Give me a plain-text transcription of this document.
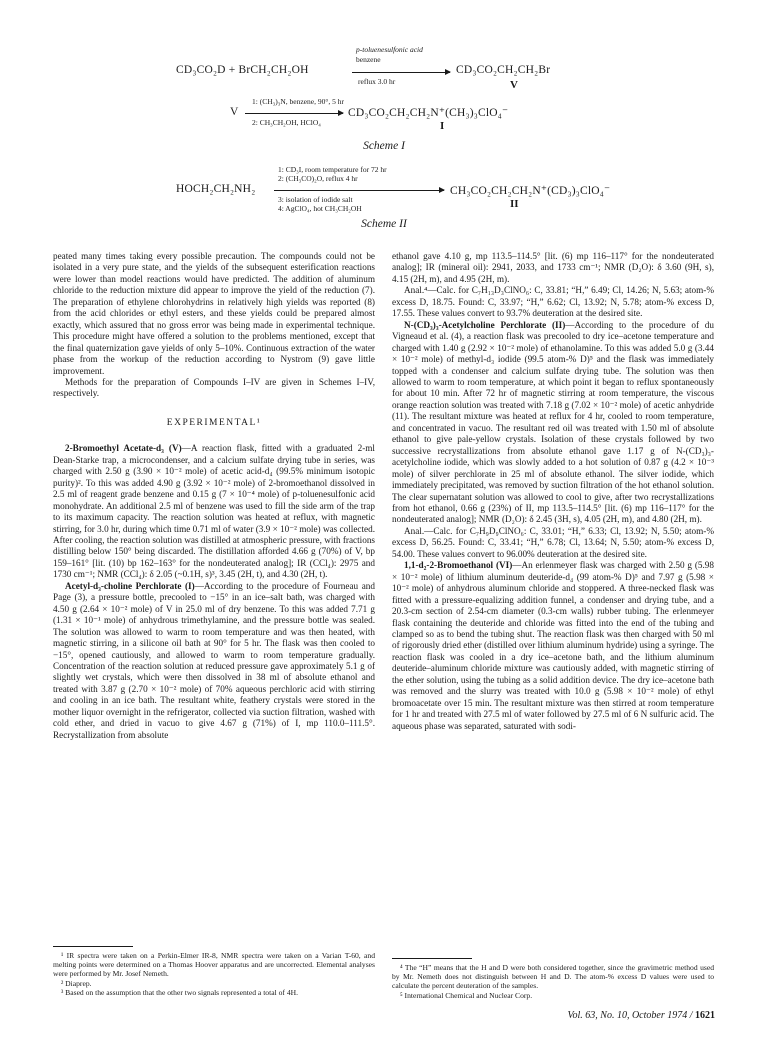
CD₃CO₂D + BrCH₂CH₂OH
p-toluenesulfonic acid
benzene
reflux 3.0 hr
CD₃CO₂CH₂CH₂Br
V
V
1: (CH₃)₃N, benzene, 90°, 5 hr
2: CH₃CH₂OH, HClO₄
CD₃CO₂CH₂CH₂N⁺(CH₃)₃ClO₄⁻
I
Scheme I
HOCH₂CH₂NH₂
1: CD₃I, room temperature for 72 hr
2: (CH₃CO)₂O, reflux 4 hr
3: isolation of iodide salt
4: AgClO₄, hot CH₃CH₂OH
CH₃CO₂CH₂CH₂N⁺(CD₃)₃ClO₄⁻
II
Scheme II

peated many times taking every possible precaution. The compounds could not be isolated in a very pure state, and the yields of the subsequent esterification reactions were lower than model reactions would have predicted. The addition of aluminum chloride to the reduction mixture did appear to improve the yield of the reduction (7). The preparation of ethylene chlorohydrins in relatively high yields was reported (8) from the acid chlorides or ethyl esters, and these yields could be prepared almost exactly, which assured that no gross error was being made in experimental technique. This procedure might have offered a solution to the problems mentioned, except that the final quaternization gave yields of only 5–10%. Continuous extraction of the water phase from the workup of the reduction according to Nystrom (9) gave little improvement.

Methods for the preparation of Compounds I–IV are given in Schemes I–IV, respectively.

EXPERIMENTAL¹

2-Bromoethyl Acetate-d₃ (V)—A reaction flask, fitted with a graduated 2-ml Dean-Starke trap, a microcondenser, and a calcium sulfate drying tube in series, was charged with 2.50 g (3.90 × 10⁻² mole) of acetic acid-d₄ (99.5% minimum isotopic purity)². To this was added 4.90 g (3.92 × 10⁻² mole) of 2-bromoethanol dissolved in 2.5 ml of reagent grade benzene and 0.15 g (7 × 10⁻⁴ mole) of p-toluenesulfonic acid monohydrate. An additional 2.5 ml of benzene was used to fill the side arm of the trap to its maximum capacity. The reaction solution was heated at reflux, with magnetic stirring, for 3.0 hr, during which time 0.71 ml of water (3.9 × 10⁻² mole) was collected. After cooling, the reaction solution was distilled at atmospheric pressure, with fractions distilling below 150° being discarded. The distillation afforded 4.66 g (70%) of V, bp 159–161° [lit. (10) bp 162–163° for the nondeuterated analog]; IR (CCl₄): 2975 and 1730 cm⁻¹; NMR (CCl₄): δ 2.05 (~0.1H, s)³, 3.45 (2H, t), and 4.30 (2H, t).

Acetyl-d₃-choline Perchlorate (I)—According to the procedure of Fourneau and Page (3), a pressure bottle, precooled to −15° in an ice–salt bath, was charged with 4.50 g (2.64 × 10⁻² mole) of V in 25.0 ml of dry benzene. To this was added 7.71 g (1.31 × 10⁻¹ mole) of anhydrous trimethylamine, and the pressure bottle was sealed. The solution was allowed to warm to room temperature and was then heated, with magnetic stirring, in a silicone oil bath at 90° for 5 hr. The flask was then cooled to −15°, opened cautiously, and allowed to warm to room temperature gradually. Concentration of the reaction solution at reduced pressure gave approximately 5.1 g of slightly wet crystals, which were then dissolved in 38 ml of absolute ethanol and treated with 3.87 g (2.70 × 10⁻² mole) of 70% aqueous perchloric acid with stirring and cooling in an ice bath. The resultant white, feathery crystals were stored in the mother liquor overnight in the refrigerator, collected via suction filtration, washed with cold ether, and dried in vacuo to give 4.67 g (71%) of I, mp 110.0–111.5°. Recrystallization from absolute

¹ IR spectra were taken on a Perkin-Elmer IR-8, NMR spectra were taken on a Varian T-60, and melting points were determined on a Thomas Hoover apparatus and are uncorrected. Elemental analyses were performed by Mr. Josef Nemeth.

² Diaprep.

³ Based on the assumption that the other two signals represented a total of 4H.

ethanol gave 4.10 g, mp 113.5–114.5° [lit. (6) mp 116–117° for the nondeuterated analog]; IR (mineral oil): 2941, 2033, and 1733 cm⁻¹; NMR (D₂O): δ 3.60 (9H, s), 4.15 (2H, m), and 4.95 (2H, m).

Anal.⁴—Calc. for C₇H₁₃D₃ClNO₆: C, 33.81; “H,” 6.49; Cl, 14.26; N, 5.63; atom-% excess D, 18.75. Found: C, 33.97; “H,” 6.62; Cl, 13.92; N, 5.78; atom-% excess D, 17.55. These values convert to 93.7% deuteration at the desired site.

N-(CD₃)₃-Acetylcholine Perchlorate (II)—According to the procedure of du Vigneaud et al. (4), a reaction flask was precooled to dry ice–acetone temperature and charged with 1.40 g (2.92 × 10⁻² mole) of ethanolamine. To this was added 5.0 g (3.44 × 10⁻² mole) of methyl-d₃ iodide (99.5 atom-% D)⁵ and the flask was immediately topped with a condenser and calcium sulfate drying tube. The solution was then allowed to warm to room temperature, at which point it began to reflux spontaneously for about 10 min. After 72 hr of magnetic stirring at room temperature, the viscous orange reaction solution was treated with 7.18 g (7.02 × 10⁻² mole) of acetic anhydride (11). The resultant mixture was heated at reflux for 4 hr, cooled to room temperature, and concentrated in vacuo. The resultant red oil was treated with 1.50 ml of absolute ethanol to give pale-yellow crystals. Isolation of these crystals followed by two successive recrystallizations from absolute ethanol gave 1.17 g of N-(CD₃)₃-acetylcholine iodide, which was slowly added to a hot solution of 0.87 g (4.2 × 10⁻³ mole) of silver perchlorate in 25 ml of absolute ethanol. The silver iodide, which immediately precipitated, was removed by suction filtration of the hot ethanol solution. The clear supernatant solution was allowed to cool to give, after two recrystallizations from hot ethanol, 0.66 g (23%) of II, mp 113.5–114.5° [lit. (6) mp 116–117° for the nondeuterated analog]; NMR (D₂O): δ 2.45 (3H, s), 4.05 (2H, m), and 4.80 (2H, m).

Anal.—Calc. for C₇H₉D₉ClNO₆: C, 33.01; “H,” 6.33; Cl, 13.92; N, 5.50; atom-% excess D, 56.25. Found: C, 33.41; “H,” 6.78; Cl, 13.64; N, 5.50; atom-% excess D, 54.00. These values convert to 96.00% deuteration at the desired site.

1,1-d₂-2-Bromoethanol (VI)—An erlenmeyer flask was charged with 2.50 g (5.98 × 10⁻² mole) of lithium aluminum deuteride-d₄ (99 atom-% D)⁵ and 7.97 g (5.98 × 10⁻² mole) of anhydrous aluminum chloride and stoppered. A three-necked flask was fitted with a pressure-equalizing addition funnel, a condenser and drying tube, and a 20.3-cm section of 2.54-cm diameter (0.3-cm walls) rubber tubing. The erlenmeyer flask containing the deuteride and chloride was fitted into the end of the tubing and clamped so as to bend the tubing shut. The reaction flask was then charged with 50 ml of rigorously dried ether (distilled over lithium aluminum hydride) using a syringe. The reaction flask was cooled in a dry ice–acetone bath, and the lithium aluminum deuteride–aluminum chloride mixture was cautiously added, with magnetic stirring of the ether solution, using the tubing as a solid addition device. The dry ice–acetone bath was removed and the slurry was treated with 10.0 g (5.98 × 10⁻² mole) of ethyl bromoacetate over 15 min. The resultant mixture was then stirred at room temperature for 1 hr and treated with 27.5 ml of water followed by 27.5 ml of 6 N sulfuric acid. The aqueous phase was separated, saturated with sodi-

⁴ The “H” means that the H and D were both considered together, since the gravimetric method used by Mr. Nemeth does not distinguish between H and D. The atom-% excess D values were used to calculate the percent deuteration of the samples.

⁵ International Chemical and Nuclear Corp.

Vol. 63, No. 10, October 1974 / 1621
